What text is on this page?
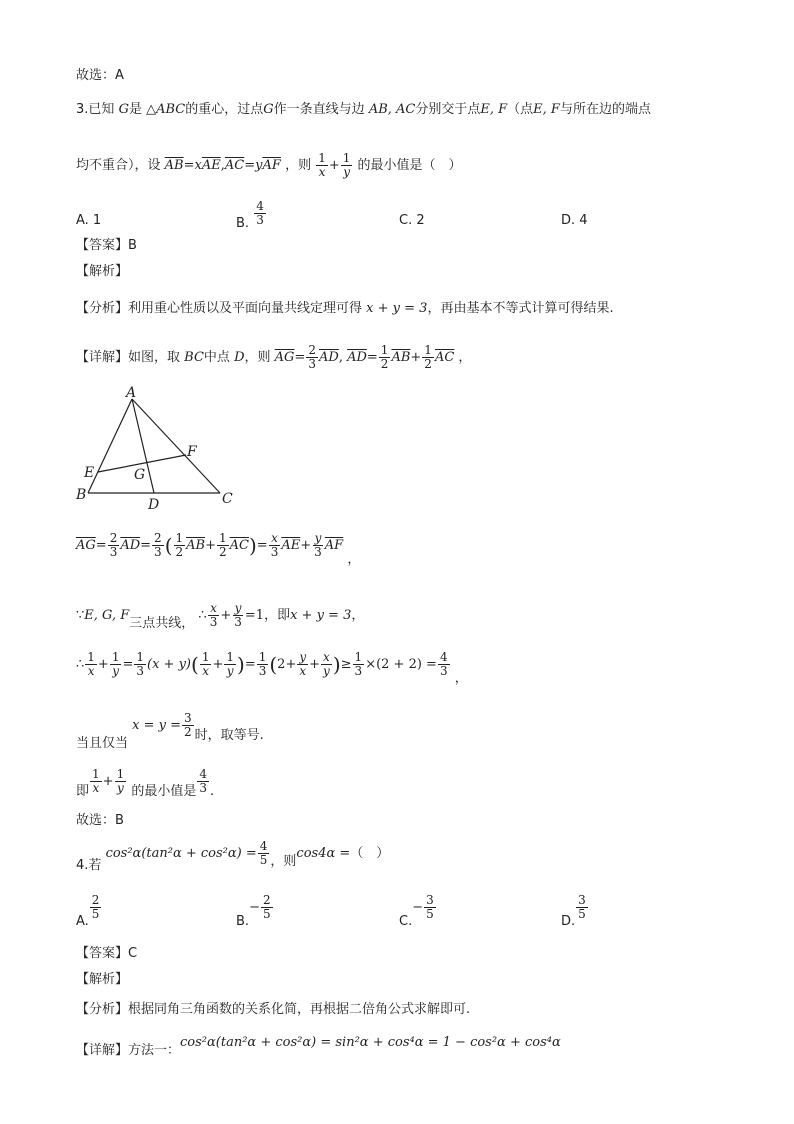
故选：A
3.已知 G是 △ABC的重心，过点G作一条直线与边 AB, AC分别交于点E, F（点E, F与所在边的端点
均不重合），设 $\overline{AB}=x\overline{AE},\overline{AC}=y\overline{AF}$ ，则 $\frac{1}{x} + \frac{1}{y}$ 的最小值是（　）
A. 1	B. $\frac{4}{3}$	C. 2	D. 4
【答案】B
【解析】
【分析】利用重心性质以及平面向量共线定理可得 x + y = 3，再由基本不等式计算可得结果.
【详解】如图，取 BC中点 D，则 $\overline{AG}= \frac{2}{3} \overline{AD}$, $\overline{AD}= \frac{1}{2} \overline{AB}+ \frac{1}{2} \overline{AC}$ ，
A
B	C
D
E
F
G
$\overline{AG}= \frac{2}{3} \overline{AD}= \frac{2}{3}$ ( $\frac{1}{2} \overline{AB}+ \frac{1}{2} \overline{AC})= \frac{x}{3} \overline{AE}+ \frac{y}{3} \overline{AF}$ ，
∵E, G, F三点共线， ∴ $\frac{x}{3} + \frac{y}{3} =1$，即x + y = 3，
∴ $\frac{1}{x} + \frac{1}{y} = \frac{1}{3} (x + y)( \frac{1}{x} + \frac{1}{y}$ )= $\frac{1}{3} (2+ \frac{y}{x} + \frac{x}{y}$ )≥ $\frac{1}{3} \times(2 + 2) = \frac{4}{3}$
，
当且仅当 $x = y = \frac{3}{2}$ 时，取等号.
即 $\frac{1}{x} + \frac{1}{y}$ 的最小值是 $\frac{4}{3}$ .
故选：B
4.若 $\cos^2\alpha(\tan^2\alpha + \cos^2\alpha) = \frac{4}{5}$ ，则cos4α =（　）
A.
$\frac{2}{5}$
$B.- \frac{2}{5}$
$C.- \frac{3}{5}$
D.
$\frac{3}{5}$
【答案】C
【解析】
【分析】根据同角三角函数的关系化简，再根据二倍角公式求解即可.
【详解】方法一：cos²α(tan²α + cos²α) = sin²α + cos⁴α = 1 − cos²α + cos⁴α
